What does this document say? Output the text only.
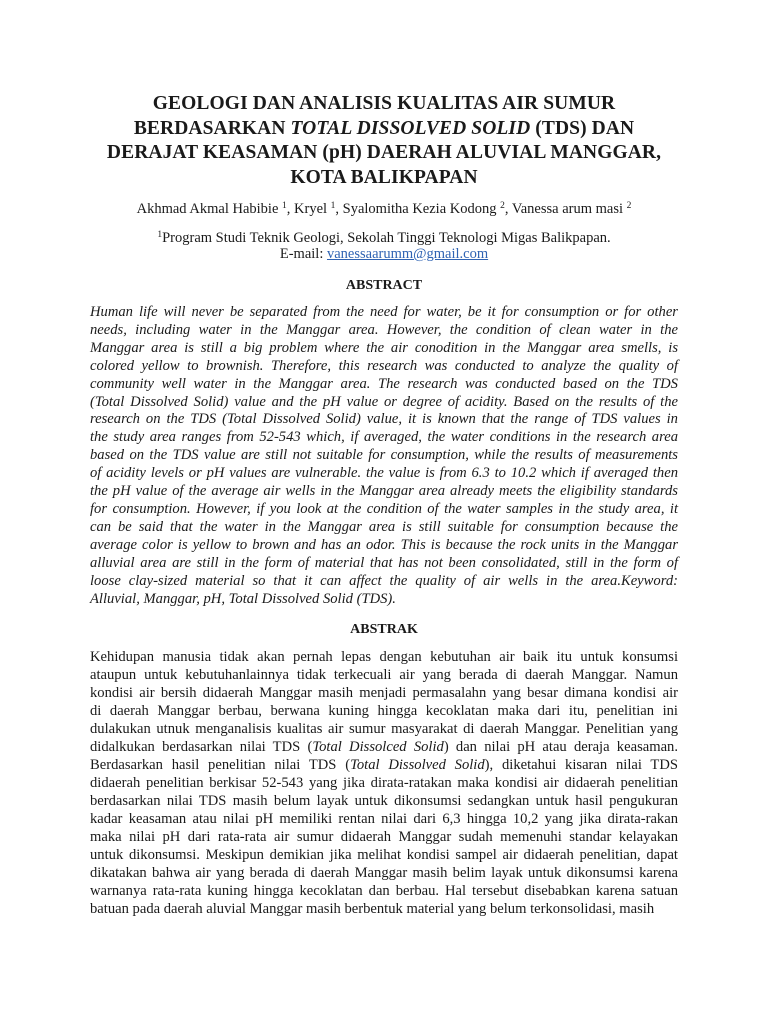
GEOLOGI DAN ANALISIS KUALITAS AIR SUMUR
BERDASARKAN TOTAL DISSOLVED SOLID (TDS) DAN
DERAJAT KEASAMAN (pH) DAERAH ALUVIAL MANGGAR,
KOTA BALIKPAPAN
Akhmad Akmal Habibie $^1$, Kryel $^1$, Syalomitha Kezia Kodong $^2$, Vanessa arum masi $^2$
$^1$Program Studi Teknik Geologi, Sekolah Tinggi Teknologi Migas Balikpapan.
E-mail: vanessaarumm@gmail.com
ABSTRACT
Human life will never be separated from the need for water, be it for consumption or for other
needs, including water in the Manggar area. However, the condition of clean water in the
Manggar area is still a big problem where the air conodition in the Manggar area smells, is
colored yellow to brownish. Therefore, this research was conducted to analyze the quality of
community well water in the Manggar area. The research was conducted based on the TDS
(Total Dissolved Solid) value and the pH value or degree of acidity. Based on the results of the
research on the TDS (Total Dissolved Solid) value, it is known that the range of TDS values in
the study area ranges from 52-543 which, if averaged, the water conditions in the research area
based on the TDS value are still not suitable for consumption, while the results of measurements
of acidity levels or pH values are vulnerable. the value is from 6.3 to 10.2 which if averaged then
the pH value of the average air wells in the Manggar area already meets the eligibility standards
for consumption. However, if you look at the condition of the water samples in the study area, it
can be said that the water in the Manggar area is still suitable for consumption because the
average color is yellow to brown and has an odor. This is because the rock units in the Manggar
alluvial area are still in the form of material that has not been consolidated, still in the form of
loose clay-sized material so that it can affect the quality of air wells in the area.Keyword:
Alluvial, Manggar, pH, Total Dissolved Solid (TDS).
ABSTRAK
Kehidupan manusia tidak akan pernah lepas dengan kebutuhan air baik itu untuk konsumsi
ataupun untuk kebutuhanlainnya tidak terkecuali air yang berada di daerah Manggar. Namun
kondisi air bersih didaerah Manggar masih menjadi permasalahn yang besar dimana kondisi air
di daerah Manggar berbau, berwana kuning hingga kecoklatan maka dari itu, penelitian ini
dulakukan utnuk menganalisis kualitas air sumur masyarakat di daerah Manggar. Penelitian yang
didalkukan berdasarkan nilai TDS (Total Dissolced Solid) dan nilai pH atau deraja keasaman.
Berdasarkan hasil penelitian nilai TDS (Total Dissolved Solid), diketahui kisaran nilai TDS
didaerah penelitian berkisar 52-543 yang jika dirata-ratakan maka kondisi air didaerah penelitian
berdasarkan nilai TDS masih belum layak untuk dikonsumsi sedangkan untuk hasil pengukuran
kadar keasaman atau nilai pH memiliki rentan nilai dari 6,3 hingga 10,2 yang jika dirata-rakan
maka nilai pH dari rata-rata air sumur didaerah Manggar sudah memenuhi standar kelayakan
untuk dikonsumsi. Meskipun demikian jika melihat kondisi sampel air didaerah penelitian, dapat
dikatakan bahwa air yang berada di daerah Manggar masih belim layak untuk dikonsumsi karena
warnanya rata-rata kuning hingga kecoklatan dan berbau. Hal tersebut disebabkan karena satuan
batuan pada daerah aluvial Manggar masih berbentuk material yang belum terkonsolidasi, masih
